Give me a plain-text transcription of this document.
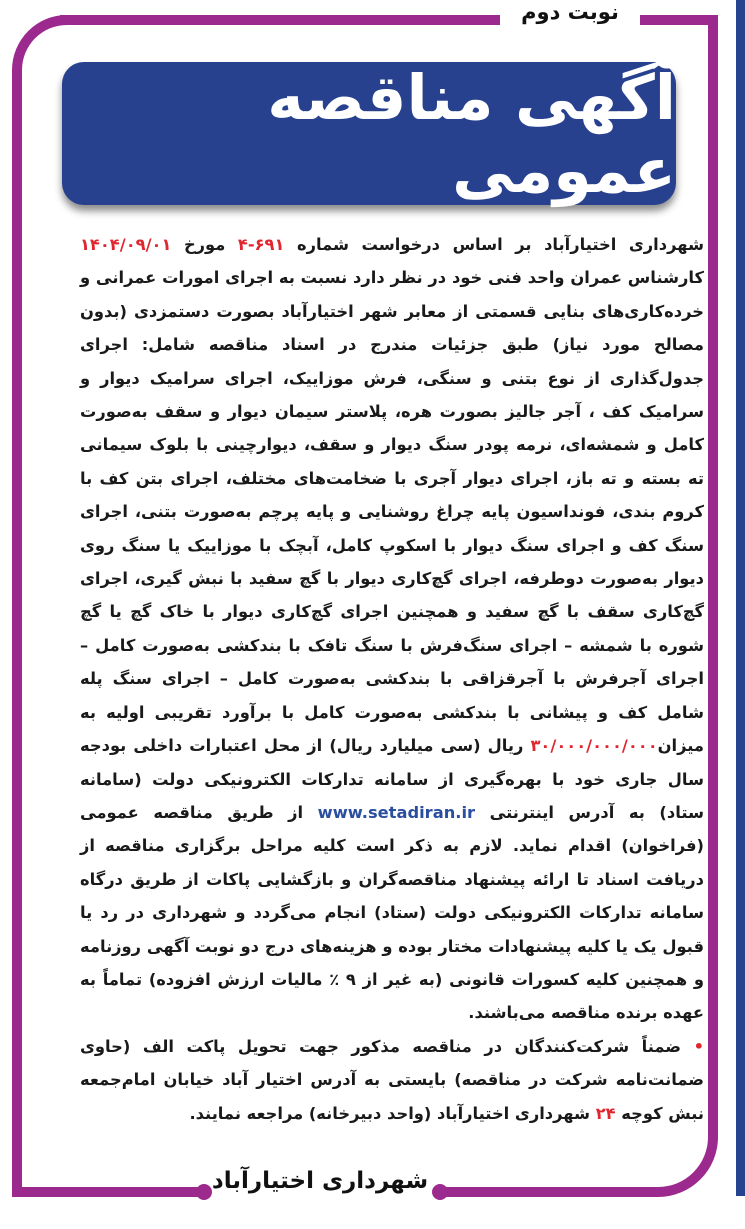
نوبت دوم
شهرداری اختیارآباد
آگهی مناقصه عمومی

شهرداری اختیارآباد بر اساس درخواست شماره ۶۹۱-۴ مورخ ۱۴۰۴/۰۹/۰۱ کارشناس عمران واحد فنی خود در نظر دارد نسبت به اجرای امورات عمرانی و خرده‌کاری‌های بنایی قسمتی از معابر شهر اختیارآباد بصورت دستمزدی (بدون مصالح مورد نیاز) طبق جزئیات مندرج در اسناد مناقصه شامل: اجرای جدول‌گذاری از نوع بتنی و سنگی، فرش موزاییک، اجرای سرامیک دیوار و سرامیک کف ، آجر جالیز بصورت هره، پلاستر سیمان دیوار و سقف به‌صورت کامل و شمشه‌ای، نرمه پودر سنگ دیوار و سقف، دیوارچینی با بلوک سیمانی ته بسته و ته باز، اجرای دیوار آجری با ضخامت‌های مختلف، اجرای بتن کف با کروم بندی، فونداسیون پایه چراغ روشنایی و پایه پرچم به‌صورت بتنی، اجرای سنگ کف و اجرای سنگ دیوار با اسکوپ کامل، آبچک با موزاییک یا سنگ روی دیوار به‌صورت دوطرفه، اجرای گچ‌کاری دیوار با گچ سفید با نبش گیری، اجرای گچ‌کاری سقف با گچ سفید و همچنین اجرای گچ‌کاری دیوار با خاک گچ یا گچ شوره با شمشه – اجرای سنگ‌فرش با سنگ تافک با بندکشی به‌صورت کامل – اجرای آجرفرش با آجرقزاقی با بندکشی به‌صورت کامل – اجرای سنگ پله شامل کف و پیشانی با بندکشی به‌صورت کامل با برآورد تقریبی اولیه به میزان۳۰/۰۰۰/۰۰۰/۰۰۰ ریال (سی میلیارد ریال) از محل اعتبارات داخلی بودجه سال جاری خود با بهره‌گیری از سامانه تدارکات الکترونیکی دولت (سامانه ستاد) به آدرس اینترنتی www.setadiran.ir از طریق مناقصه عمومی (فراخوان) اقدام نماید. لازم به ذکر است کلیه مراحل برگزاری مناقصه از دریافت اسناد تا ارائه پیشنهاد مناقصه‌گران و بازگشایی پاکات از طریق درگاه سامانه تدارکات الکترونیکی دولت (ستاد) انجام می‌گردد و شهرداری در رد یا قبول یک یا کلیه پیشنهادات مختار بوده و هزینه‌های درج دو نوبت آگهی روزنامه و همچنین کلیه کسورات قانونی (به غیر از ۹ ٪ مالیات ارزش افزوده) تماماً به عهده برنده مناقصه می‌باشند.

• ضمناً شرکت‌کنندگان در مناقصه مذکور جهت تحویل پاکت الف (حاوی ضمانت‌نامه شرکت در مناقصه) بایستی به آدرس اختیار آباد خیابان امام‌جمعه نبش کوچه ۲۴ شهرداری اختیارآباد (واحد دبیرخانه) مراجعه نمایند.
